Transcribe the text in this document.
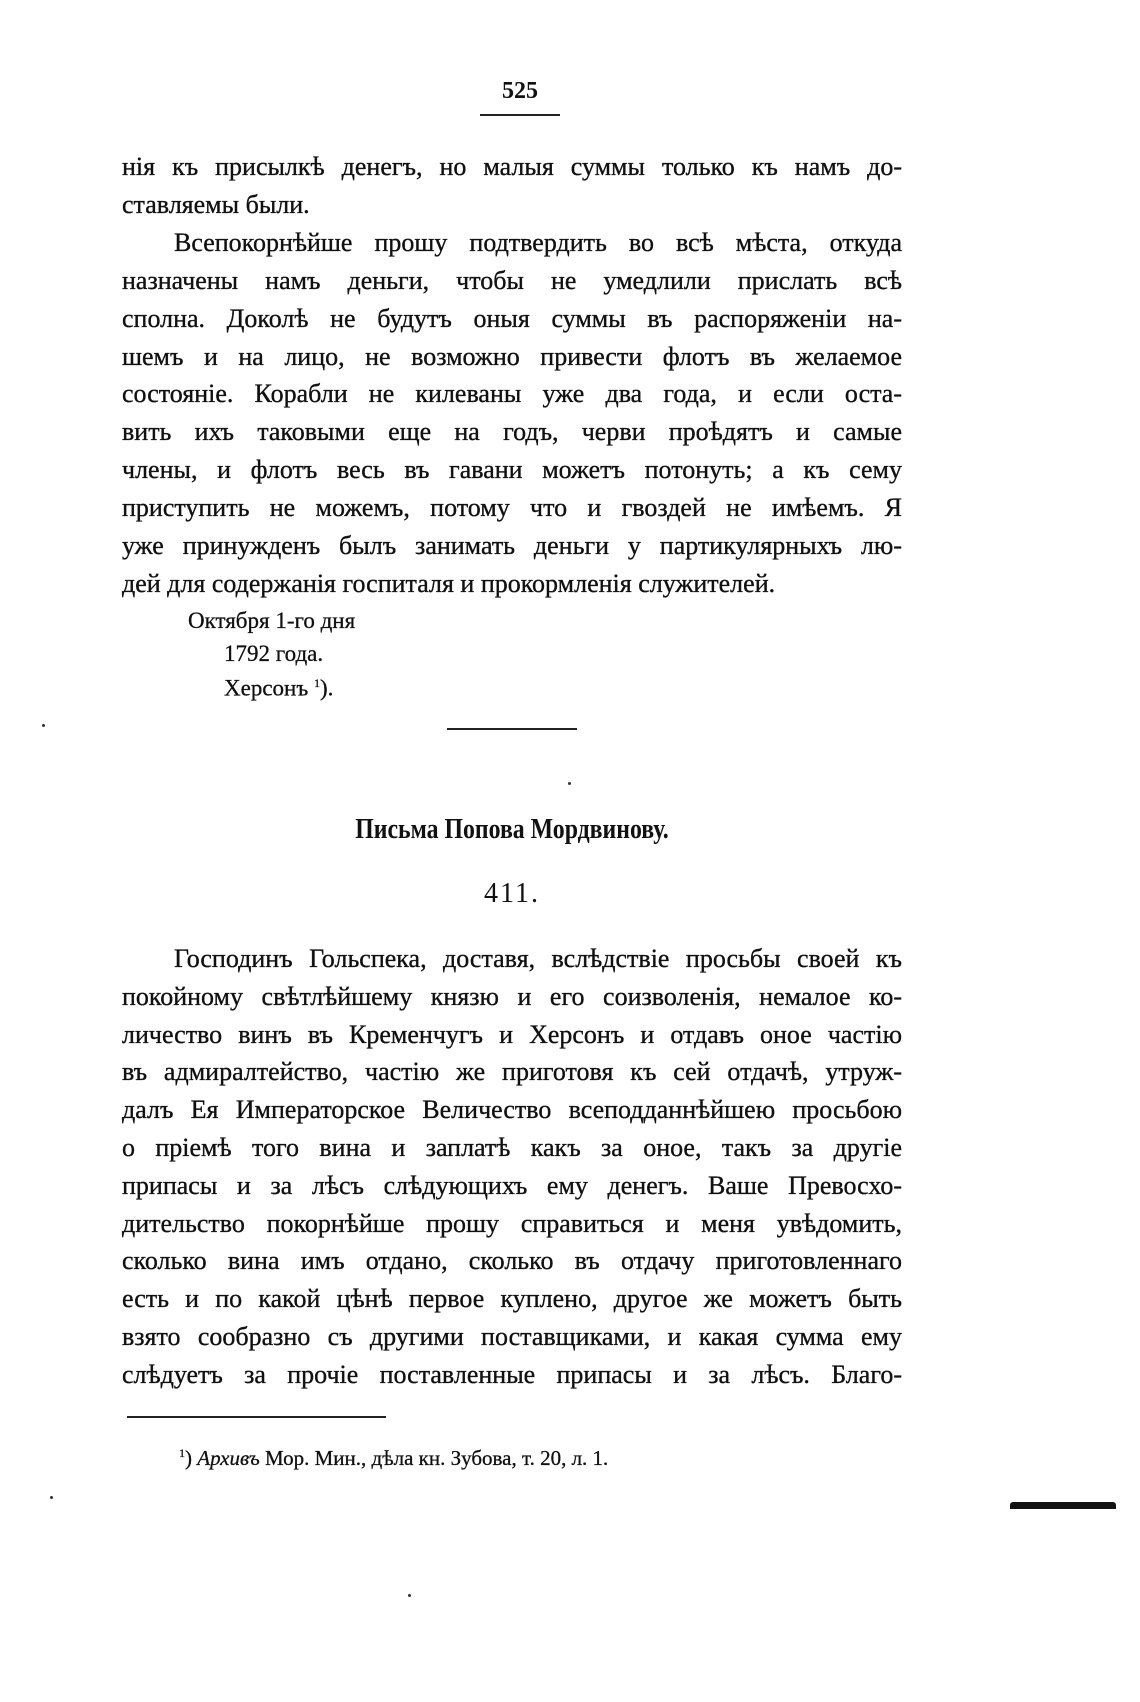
525
нія къ присылкѣ денегъ, но малыя суммы только къ намъ до-
ставляемы были.
Всепокорнѣйше прошу подтвердить во всѣ мѣста, откуда
назначены намъ деньги, чтобы не умедлили прислать всѣ
сполна. Доколѣ не будутъ оныя суммы въ распоряженіи на-
шемъ и на лицо, не возможно привести флотъ въ желаемое
состояніе. Корабли не килеваны уже два года, и если оста-
вить ихъ таковыми еще на годъ, черви проѣдятъ и самые
члены, и флотъ весь въ гавани можетъ потонуть; а къ сему
приступить не можемъ, потому что и гвоздей не имѣемъ. Я
уже принужденъ былъ занимать деньги у партикулярныхъ лю-
дей для содержанія госпиталя и прокормленія служителей.
Октября 1-го дня
1792 года.
Херсонъ $^1$).
Письма Попова Мордвинову.
411.
Господинъ Гольспека, доставя, вслѣдствіе просьбы своей къ
покойному свѣтлѣйшему князю и его соизволенія, немалое ко-
личество винъ въ Кременчугъ и Херсонъ и отдавъ оное частію
въ адмиралтейство, частію же приготовя къ сей отдачѣ, утруж-
далъ Ея Императорское Величество всеподданнѣйшею просьбою
о пріемѣ того вина и заплатѣ какъ за оное, такъ за другіе
припасы и за лѣсъ слѣдующихъ ему денегъ. Ваше Превосхо-
дительство покорнѣйше прошу справиться и меня увѣдомить,
сколько вина имъ отдано, сколько въ отдачу приготовленнаго
есть и по какой цѣнѣ первое куплено, другое же можетъ быть
взято сообразно съ другими поставщиками, и какая сумма ему
слѣдуетъ за прочіе поставленные припасы и за лѣсъ. Благо-
$^1$) Архивъ Мор. Мин., дѣла кн. Зубова, т. 20, л. 1.
